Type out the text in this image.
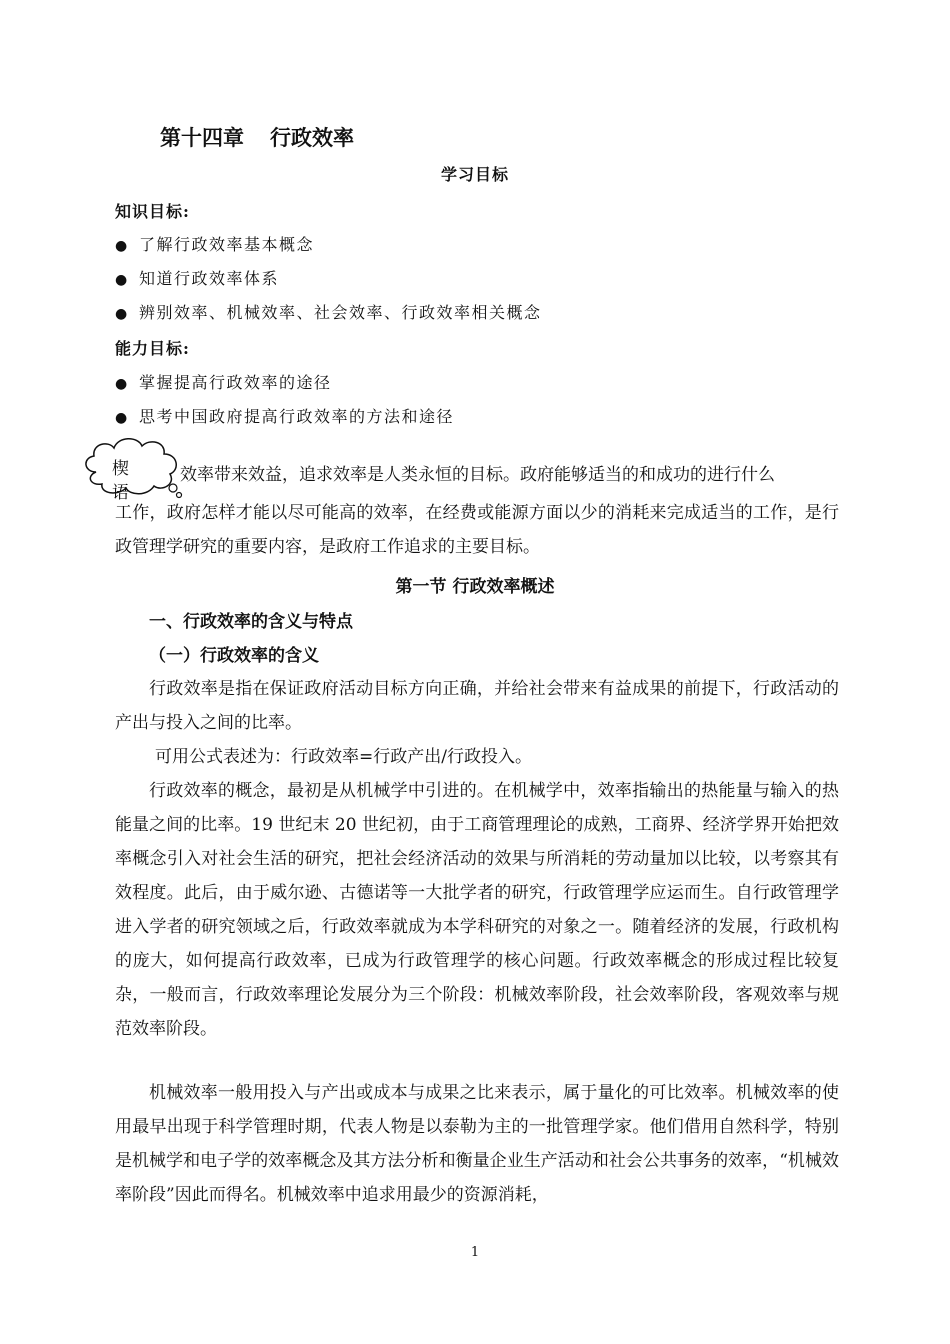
第十四章 行政效率
学习目标
知识目标:
● 了解行政效率基本概念
● 知道行政效率体系
● 辨别效率、机械效率、社会效率、行政效率相关概念
能力目标:
● 掌握提高行政效率的途径
● 思考中国政府提高行政效率的方法和途径
楔
语
效率带来效益，追求效率是人类永恒的目标。政府能够适当的和成功的进行什么
工作，政府怎样才能以尽可能高的效率，在经费或能源方面以少的消耗来完成适当的工作，是行政管理学研究的重要内容，是政府工作追求的主要目标。
第一节 行政效率概述
一、行政效率的含义与特点
（一）行政效率的含义
行政效率是指在保证政府活动目标方向正确，并给社会带来有益成果的前提下，行政活动的产出与投入之间的比率。
可用公式表述为：行政效率=行政产出/行政投入。
行政效率的概念，最初是从机械学中引进的。在机械学中，效率指输出的热能量与输入的热能量之间的比率。19 世纪末 20 世纪初，由于工商管理理论的成熟，工商界、经济学界开始把效率概念引入对社会生活的研究，把社会经济活动的效果与所消耗的劳动量加以比较，以考察其有效程度。此后，由于威尔逊、古德诺等一大批学者的研究，行政管理学应运而生。自行政管理学进入学者的研究领域之后，行政效率就成为本学科研究的对象之一。随着经济的发展，行政机构的庞大，如何提高行政效率，已成为行政管理学的核心问题。行政效率概念的形成过程比较复杂，一般而言，行政效率理论发展分为三个阶段：机械效率阶段，社会效率阶段，客观效率与规范效率阶段。
机械效率一般用投入与产出或成本与成果之比来表示，属于量化的可比效率。机械效率的使用最早出现于科学管理时期，代表人物是以泰勒为主的一批管理学家。他们借用自然科学，特别是机械学和电子学的效率概念及其方法分析和衡量企业生产活动和社会公共事务的效率，“机械效率阶段”因此而得名。机械效率中追求用最少的资源消耗，
1
